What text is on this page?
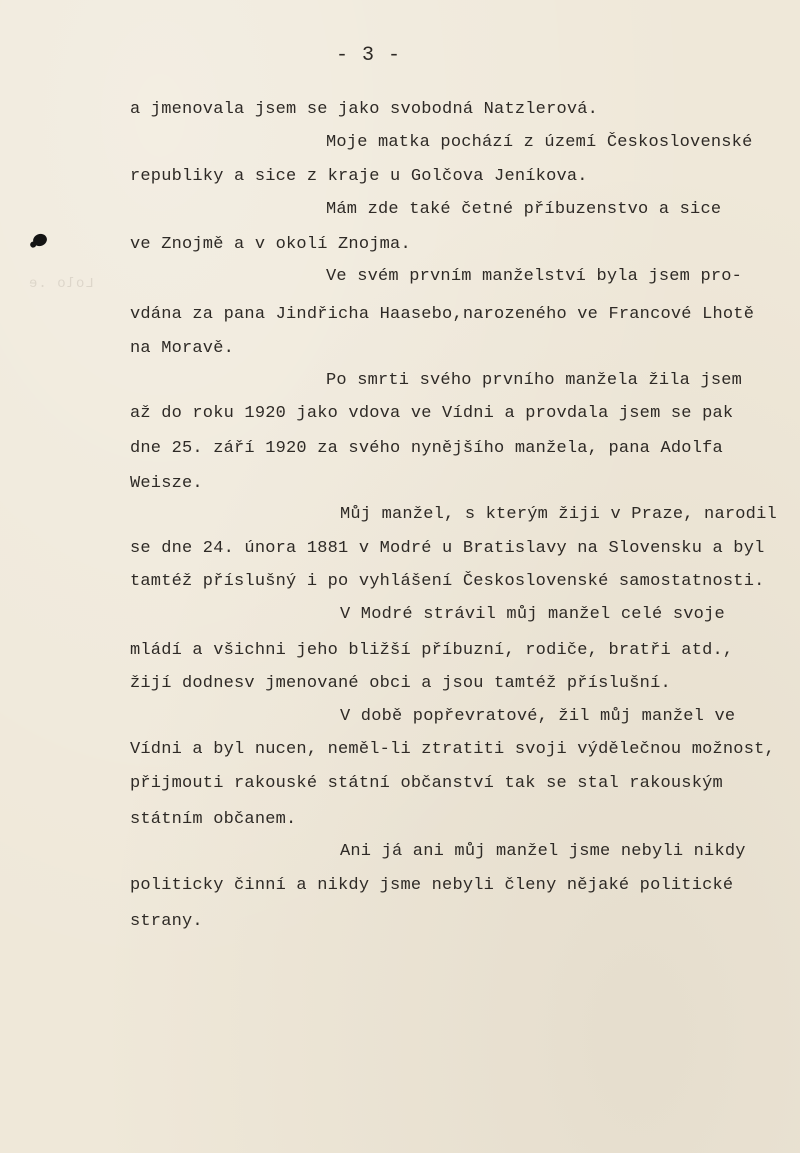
Lolo .e
- 3 -
a jmenovala jsem se jako svobodná Natzlerová.
Moje matka pochází z území Československé
republiky a sice z kraje u Golčova Jeníkova.
Mám zde také četné příbuzenstvo a sice
ve Znojmě a v okolí Znojma.
Ve svém prvním manželství byla jsem pro-
vdána za pana Jindřicha Haasebo,narozeného ve Francové Lhotě
na Moravě.
Po smrti svého prvního manžela žila jsem
až do roku 1920 jako vdova ve Vídni a provdala jsem se pak
dne 25. září 1920 za svého nynějšího manžela, pana Adolfa
Weisze.
Můj manžel, s kterým žiji v Praze, narodil
se dne 24. února 1881 v Modré u Bratislavy na Slovensku a byl
tamtéž příslušný i po vyhlášení Československé samostatnosti.
V Modré strávil můj manžel celé svoje
mládí a všichni jeho bližší příbuzní, rodiče, bratři atd.,
žijí dodnesv jmenované obci a jsou tamtéž příslušní.
V době popřevratové, žil můj manžel ve
Vídni a byl nucen, neměl-li ztratiti svoji výdělečnou možnost,
přijmouti rakouské státní občanství tak se stal rakouským
státním občanem.
Ani já ani můj manžel jsme nebyli nikdy
politicky činní a nikdy jsme nebyli členy nějaké politické
strany.
